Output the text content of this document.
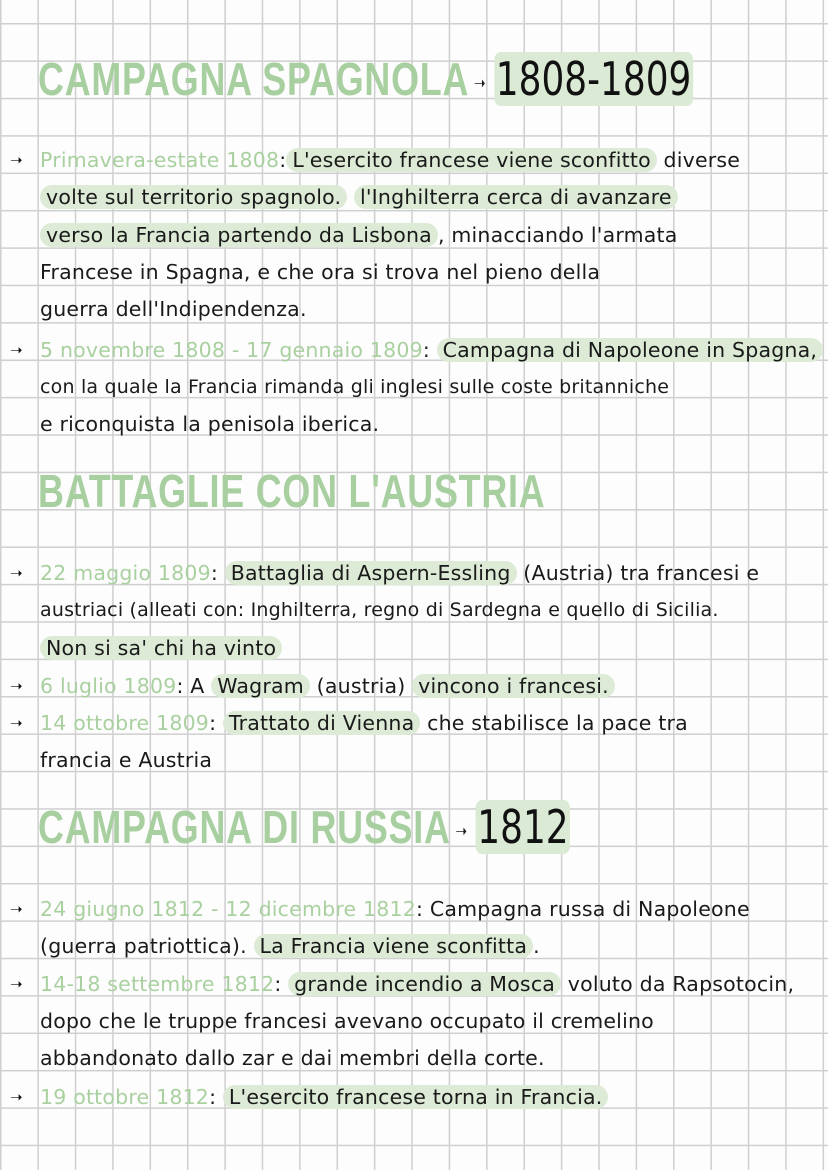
CAMPAGNA SPAGNOLA ➝ 1808-1809
➝ Primavera-estate 1808: L'esercito francese viene sconfitto diverse
volte sul territorio spagnolo. l'Inghilterra cerca di avanzare
verso la Francia partendo da Lisbona , minacciando l'armata
Francese in Spagna, e che ora si trova nel pieno della
guerra dell'Indipendenza.
➝ 5 novembre 1808 - 17 gennaio 1809: Campagna di Napoleone in Spagna,
con la quale la Francia rimanda gli inglesi sulle coste britanniche
e riconquista la penisola iberica.
BATTAGLIE CON L'AUSTRIA
➝ 22 maggio 1809: Battaglia di Aspern-Essling (Austria) tra francesi e
austriaci (alleati con: Inghilterra, regno di Sardegna e quello di Sicilia.
Non si sa' chi ha vinto
➝ 6 luglio 1809: A Wagram (austria) vincono i francesi.
➝ 14 ottobre 1809: Trattato di Vienna che stabilisce la pace tra
francia e Austria
CAMPAGNA DI RUSSIA ➝ 1812
➝ 24 giugno 1812 - 12 dicembre 1812: Campagna russa di Napoleone
(guerra patriottica). La Francia viene sconfitta .
➝ 14-18 settembre 1812: grande incendio a Mosca voluto da Rapsotocin,
dopo che le truppe francesi avevano occupato il cremelino
abbandonato dallo zar e dai membri della corte.
➝ 19 ottobre 1812: L'esercito francese torna in Francia.
